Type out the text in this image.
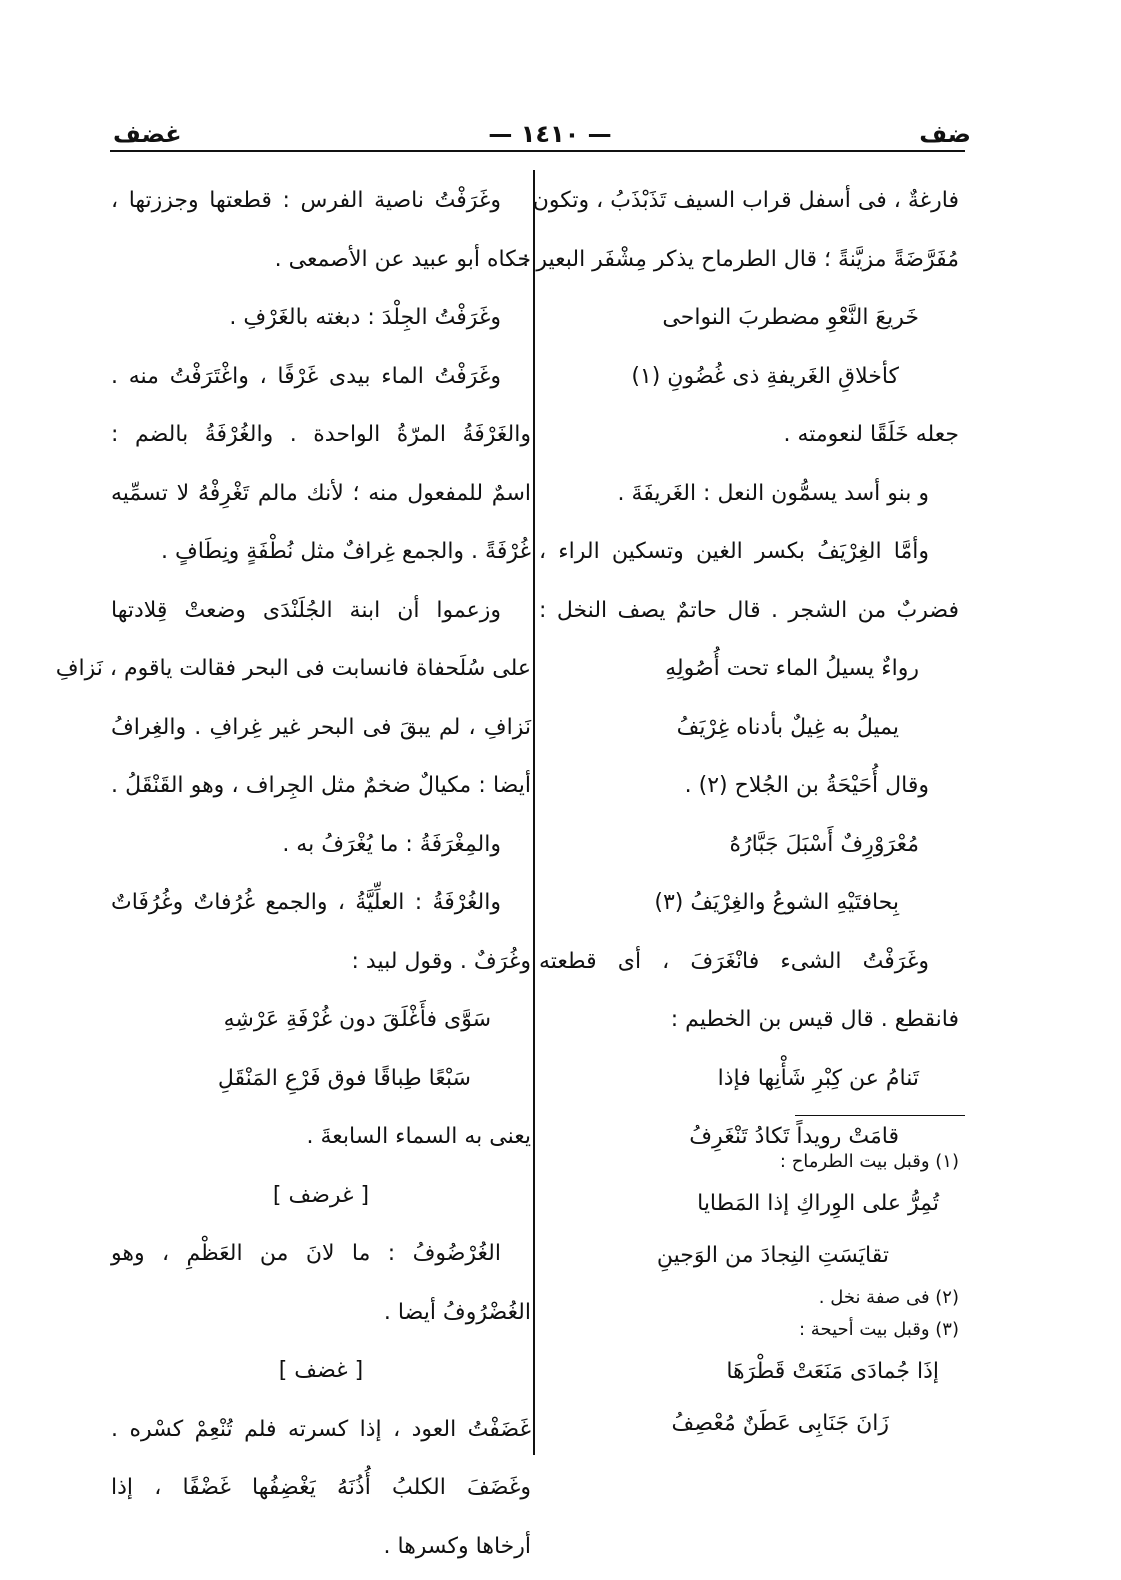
ضف
— ١٤١٠ —
غضف
فارغةٌ ، فى أسفل قراب السيف تَذَبْذَبُ ، وتكون
مُفَرَّضَةً مزيَّنةً ؛ قال الطرماح يذكر مِشْفَر البعير :
خَريعَ النَّعْوِ مضطربَ النواحى
كأخلاقِ الغَريفةِ ذى غُضُونِ (١)
جعله خَلَقًا لنعومته .
و بنو أسد يسمُّون النعل : الغَريفَةَ .
وأمَّا الغِرْيَفُ بكسر الغين وتسكين الراء ،
فضربٌ من الشجر . قال حاتمٌ يصف النخل :
رواءٌ يسيلُ الماء تحت أُصُولِهِ
يميلُ به غِيلٌ بأدناه غِرْيَفُ
وقال أُحَيْحَةُ بن الجُلاح (٢) .
مُعْرَوْرِفٌ أَسْبَلَ جَبَّارُهُ
بِحافتَيْهِ الشوعُ والغِرْيَفُ (٣)
وغَرَفْتُ الشىء فانْغَرَفَ ، أى قطعته
فانقطع . قال قيس بن الخطيم :
تَنامُ عن كِبْرِ شَأْنِها فإذا
قامَتْ رويداً تَكادُ تَنْغَرِفُ
وغَرَفْتُ ناصية الفرس : قطعتها وجززتها ،
حكاه أبو عبيد عن الأصمعى .
وغَرَفْتُ الجِلْدَ : دبغته بالغَرْفِ .
وغَرَفْتُ الماء بيدى غَرْفًا ، واغْتَرَفْتُ منه .
والغَرْفَةُ المرّةُ الواحدة . والغُرْفَةُ بالضم :
اسمٌ للمفعول منه ؛ لأنك مالم تَغْرِفْهُ لا تسمِّيه
غُرْفَةً . والجمع غِرافٌ مثل نُطْفَةٍ ونِطَافٍ .
وزعموا أن ابنة الجُلَنْدَى وضعتْ قِلادتها
على سُلَحفاة فانسابت فى البحر فقالت ياقوم ، نَزافِ
نَزافِ ، لم يبقَ فى البحر غير غِرافِ . والغِرافُ
أيضا : مكيالٌ ضخمٌ مثل الجِراف ، وهو القَنْقَلُ .
والمِغْرَفَةُ : ما يُغْرَفُ به .
والغُرْفَةُ : العلِّيَّةُ ، والجمع غُرُفاتٌ وغُرُفَاتٌ
وغُرَفٌ . وقول لبيد :
سَوَّى فأَغْلَقَ دون غُرْفَةِ عَرْشِهِ
سَبْعًا طِباقًا فوق فَرْعِ المَنْقَلِ
يعنى به السماء السابعةَ .
[ غرضف ]
الغُرْضُوفُ : ما لانَ من العَظْمِ ، وهو
الغُضْرُوفُ أيضا .
[ غضف ]
غَضَفْتُ العود ، إذا كسرته فلم تُنْعِمْ كسْره .
وغَضَفَ الكلبُ أُذُنَهُ يَغْضِفُها غَضْفًا ، إذا
أرخاها وكسرها .
(١) وقبل بيت الطرماح :
تُمِرُّ على الوِراكِ إذا المَطايا
تقايَسَتِ النِجادَ من الوَجينِ
(٢) فى صفة نخل .
(٣) وقبل بيت أحيحة :
إذَا جُمادَى مَنَعَتْ قَطْرَهَا
زَانَ جَنَابِى عَطَنٌ مُعْصِفُ
